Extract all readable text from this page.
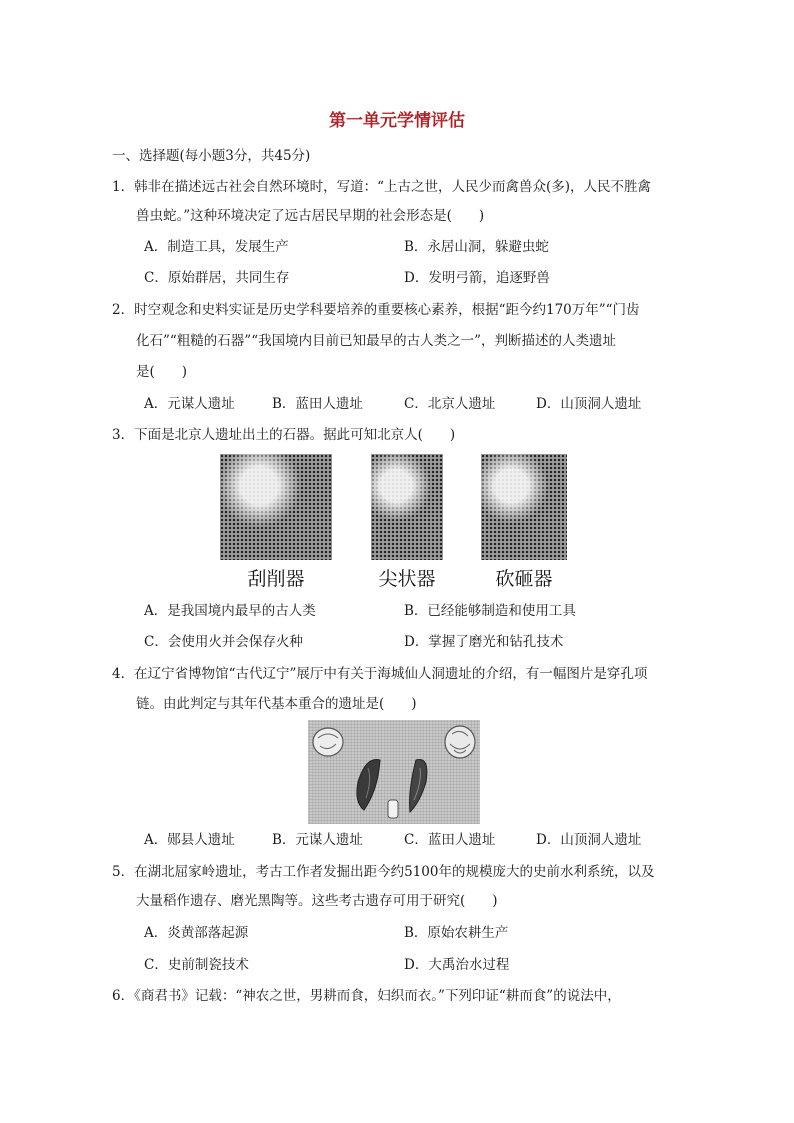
第一单元学情评估
一、选择题(每小题3分，共45分)
1．韩非在描述远古社会自然环境时，写道：“上古之世，人民少而禽兽众(多)，人民不胜禽
兽虫蛇。”这种环境决定了远古居民早期的社会形态是(　　)
A．制造工具，发展生产	B．永居山洞，躲避虫蛇
C．原始群居，共同生存	D．发明弓箭，追逐野兽
2．时空观念和史料实证是历史学科要培养的重要核心素养，根据“距今约170万年”“门齿
化石”“粗糙的石器”“我国境内目前已知最早的古人类之一”，判断描述的人类遗址
是(　　)
A．元谋人遗址	B．蓝田人遗址	C．北京人遗址	D．山顶洞人遗址
3．下面是北京人遗址出土的石器。据此可知北京人(　　)
刮削器	尖状器	砍砸器
A．是我国境内最早的古人类	B．已经能够制造和使用工具
C．会使用火并会保存火种	D．掌握了磨光和钻孔技术
4．在辽宁省博物馆“古代辽宁”展厅中有关于海城仙人洞遗址的介绍，有一幅图片是穿孔项
链。由此判定与其年代基本重合的遗址是(　　)
A．郧县人遗址	B．元谋人遗址	C．蓝田人遗址	D．山顶洞人遗址
5．在湖北屈家岭遗址，考古工作者发掘出距今约5100年的规模庞大的史前水利系统，以及
大量稻作遗存、磨光黑陶等。这些考古遗存可用于研究(　　)
A．炎黄部落起源	B．原始农耕生产
C．史前制瓷技术	D．大禹治水过程
6．《商君书》记载：“神农之世，男耕而食，妇织而衣。”下列印证“耕而食”的说法中，
